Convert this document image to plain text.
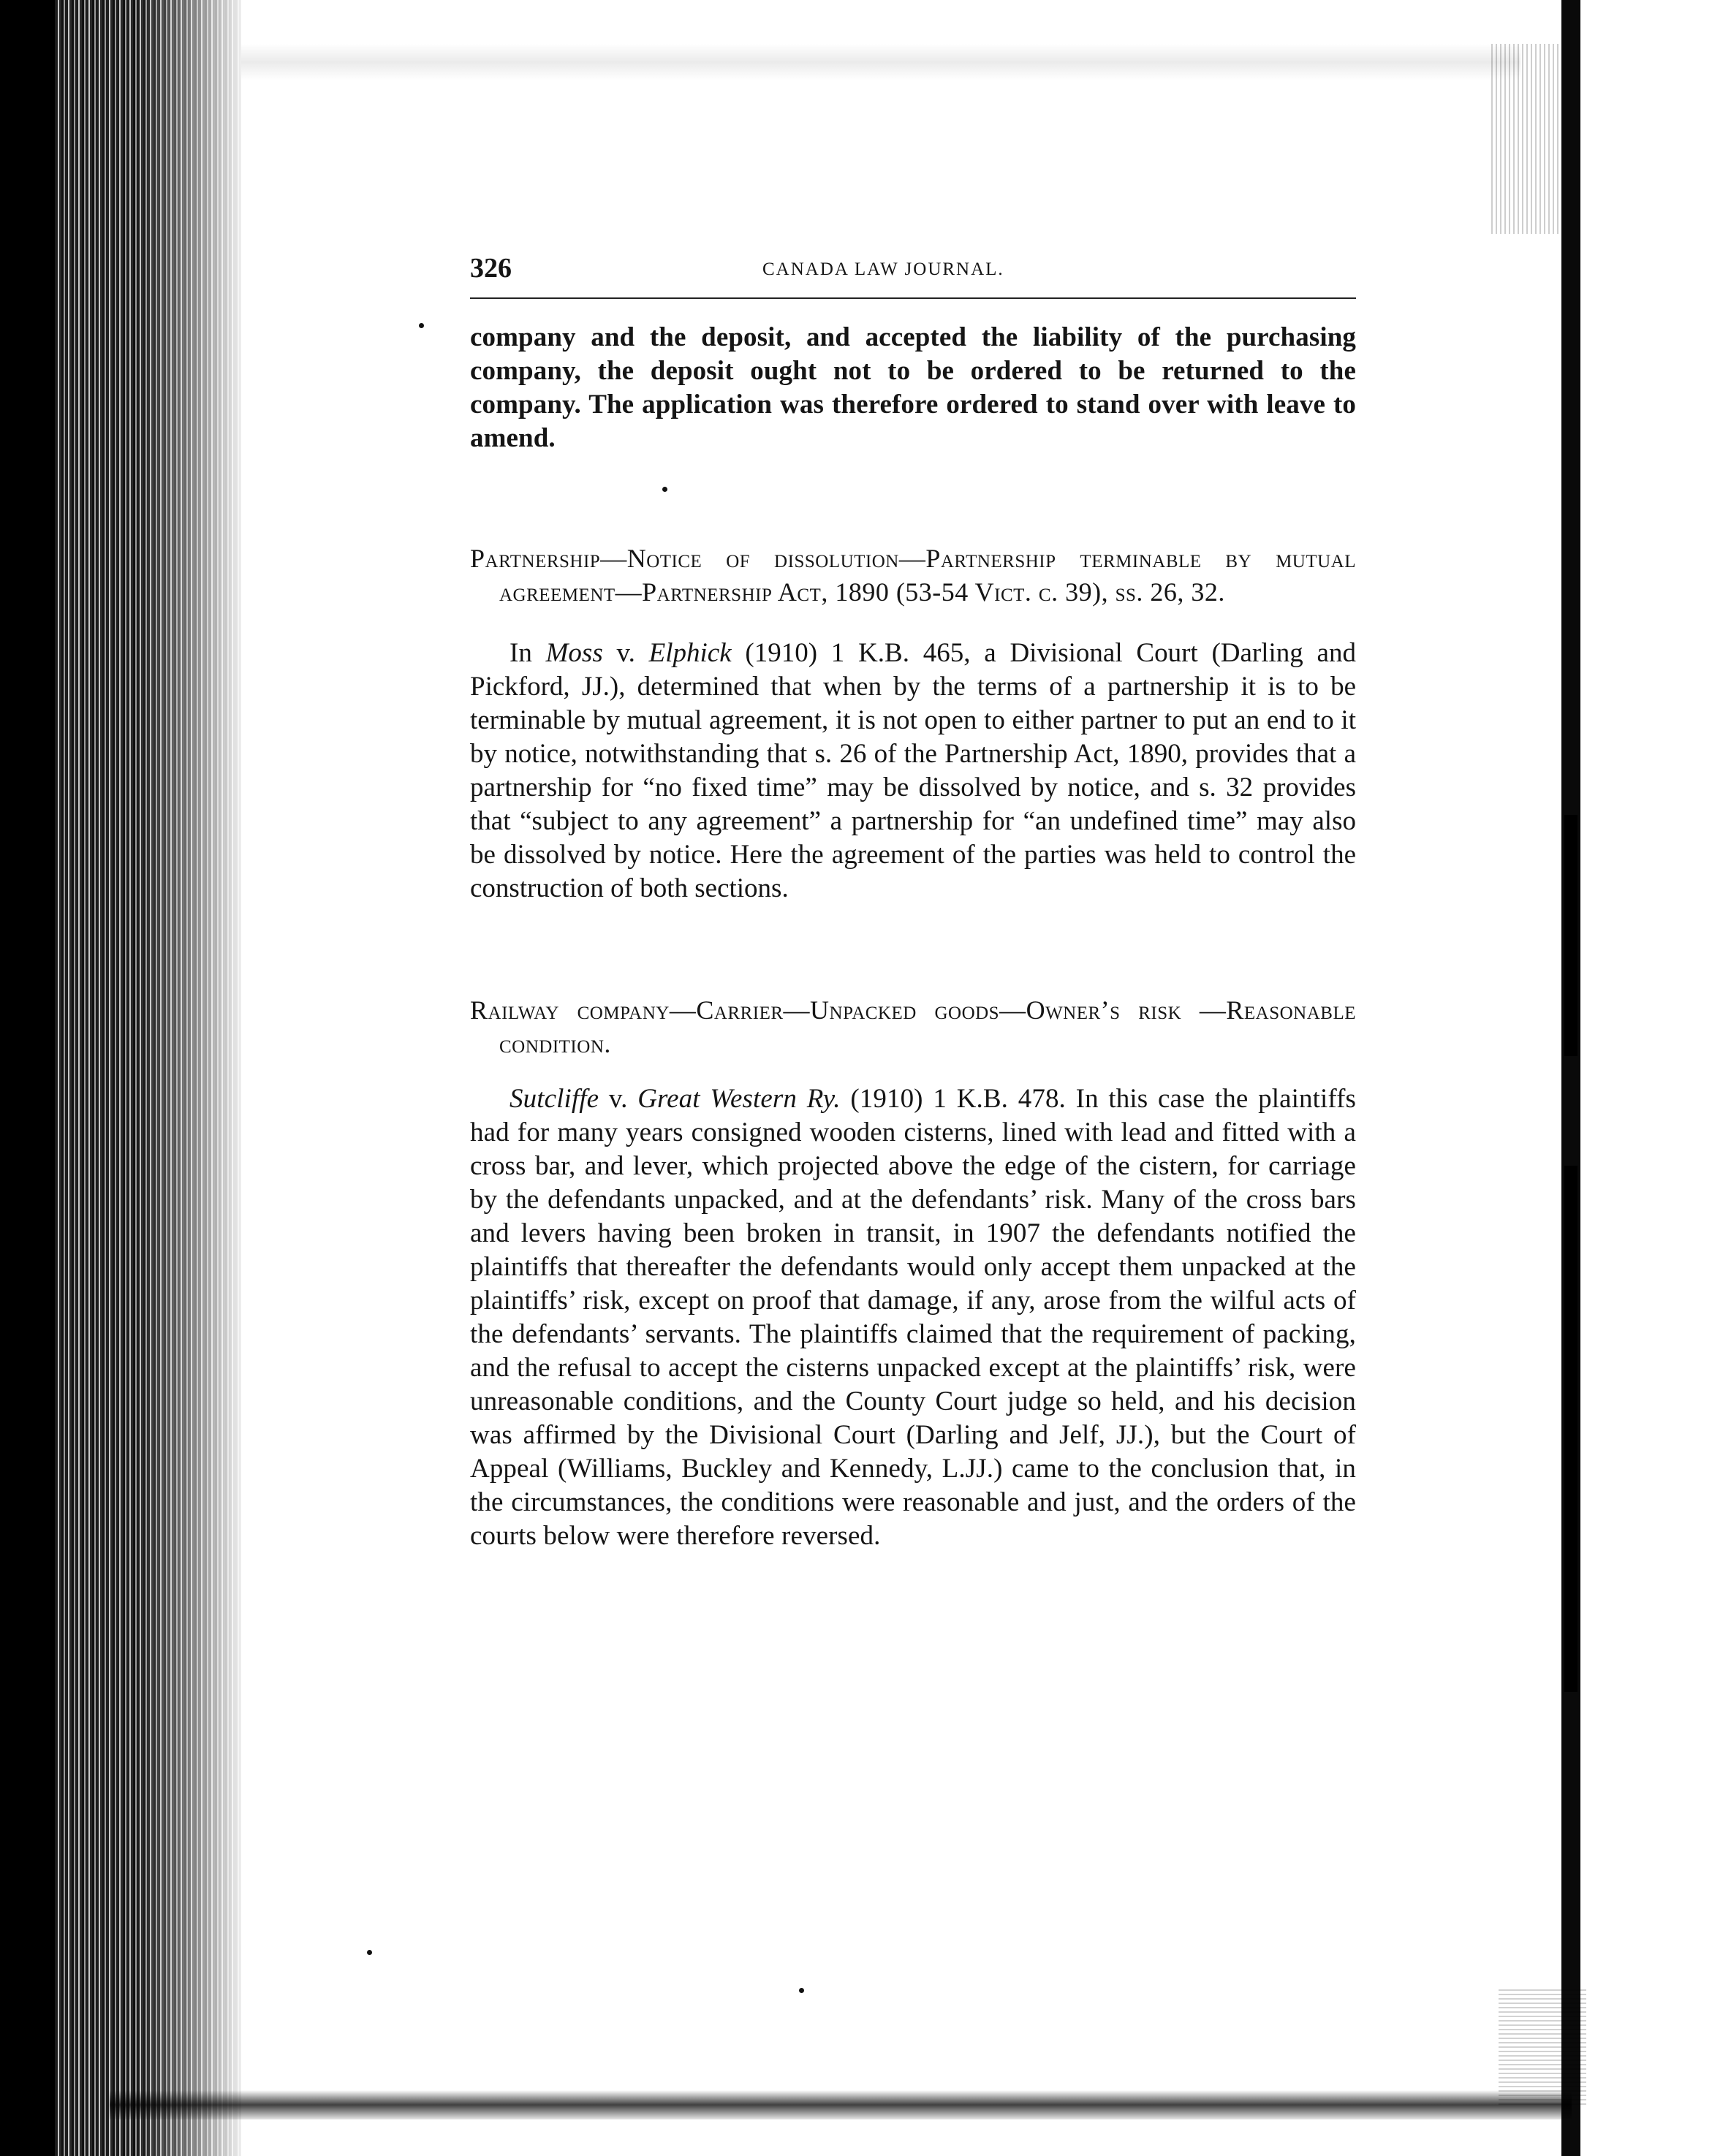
326	CANADA LAW JOURNAL.

company and the deposit, and accepted the liability of the purchasing company, the deposit ought not to be ordered to be returned to the company. The application was therefore ordered to stand over with leave to amend.

Partnership—Notice of dissolution—Partnership terminable by mutual agreement—Partnership Act, 1890 (53-54 Vict. c. 39), ss. 26, 32.

In Moss v. Elphick (1910) 1 K.B. 465, a Divisional Court (Darling and Pickford, JJ.), determined that when by the terms of a partnership it is to be terminable by mutual agreement, it is not open to either partner to put an end to it by notice, notwithstanding that s. 26 of the Partnership Act, 1890, provides that a partnership for “no fixed time” may be dissolved by notice, and s. 32 provides that “subject to any agreement” a partnership for “an undefined time” may also be dissolved by notice. Here the agreement of the parties was held to control the construction of both sections.

Railway company—Carrier—Unpacked goods—Owner’s risk —Reasonable condition.

Sutcliffe v. Great Western Ry. (1910) 1 K.B. 478. In this case the plaintiffs had for many years consigned wooden cisterns, lined with lead and fitted with a cross bar, and lever, which projected above the edge of the cistern, for carriage by the defendants unpacked, and at the defendants’ risk. Many of the cross bars and levers having been broken in transit, in 1907 the defendants notified the plaintiffs that thereafter the defendants would only accept them unpacked at the plaintiffs’ risk, except on proof that damage, if any, arose from the wilful acts of the defendants’ servants. The plaintiffs claimed that the requirement of packing, and the refusal to accept the cisterns unpacked except at the plaintiffs’ risk, were unreasonable conditions, and the County Court judge so held, and his decision was affirmed by the Divisional Court (Darling and Jelf, JJ.), but the Court of Appeal (Williams, Buckley and Kennedy, L.JJ.) came to the conclusion that, in the circumstances, the conditions were reasonable and just, and the orders of the courts below were therefore reversed.
